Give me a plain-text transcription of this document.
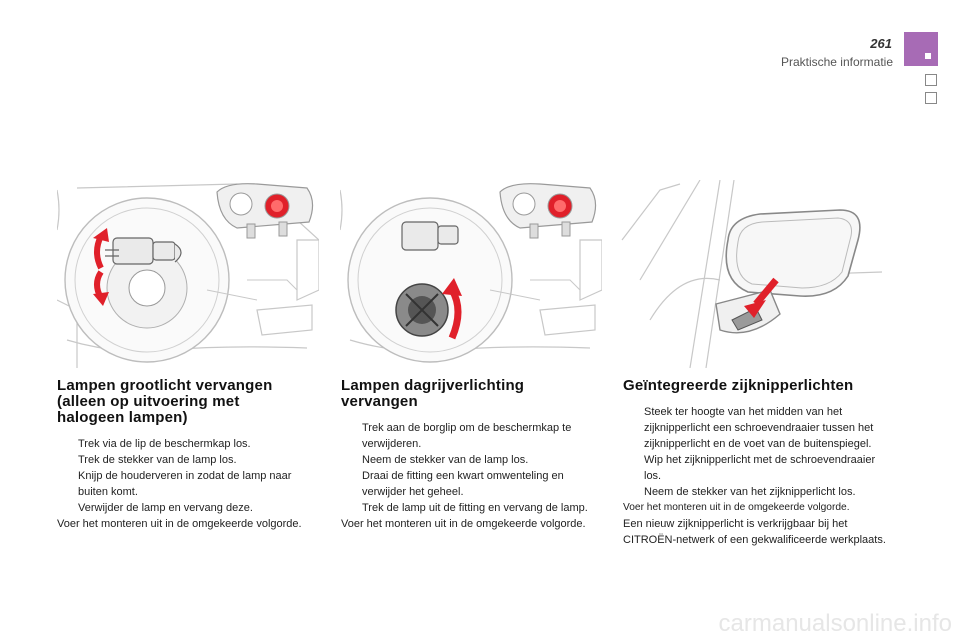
261
Praktische informatie
Lampen grootlicht vervangen (alleen op uitvoering met halogeen lampen)
Trek via de lip de beschermkap los.
Trek de stekker van de lamp los.
Knijp de houderveren in zodat de lamp naar buiten komt.
Verwijder de lamp en vervang deze.

Voer het monteren uit in de omgekeerde volgorde.

Lampen dagrijverlichting vervangen
Trek aan de borglip om de beschermkap te verwijderen.
Neem de stekker van de lamp los.
Draai de fitting een kwart omwenteling en verwijder het geheel.
Trek de lamp uit de fitting en vervang de lamp.

Voer het monteren uit in de omgekeerde volgorde.

Geïntegreerde zijknipperlichten
Steek ter hoogte van het midden van het zijknipperlicht een schroevendraaier tussen het zijknipperlicht en de voet van de buitenspiegel.
Wip het zijknipperlicht met de schroevendraaier los.
Neem de stekker van het zijknipperlicht los.

Voer het monteren uit in de omgekeerde volgorde.

Een nieuw zijknipperlicht is verkrijgbaar bij het CITROËN-netwerk of een gekwalificeerde werkplaats.

carmanualsonline.info
